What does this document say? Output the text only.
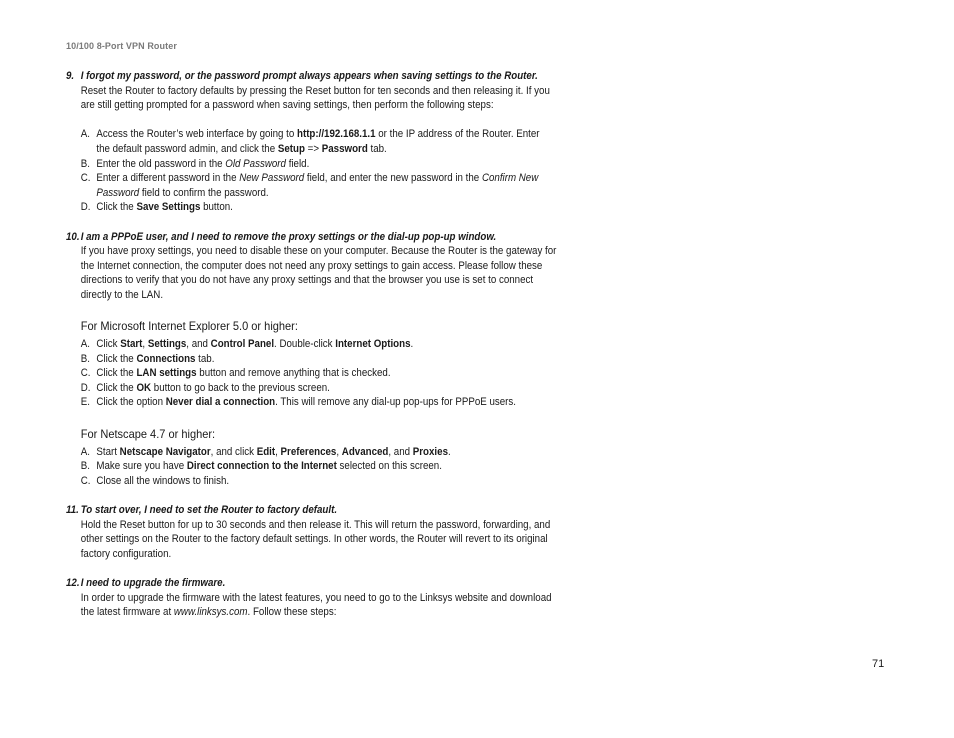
10/100 8-Port VPN Router
9. I forgot my password, or the password prompt always appears when saving settings to the Router.
Reset the Router to factory defaults by pressing the Reset button for ten seconds and then releasing it. If you
are still getting prompted for a password when saving settings, then perform the following steps:
A. Access the Router’s web interface by going to http://192.168.1.1 or the IP address of the Router. Enter
the default password admin, and click the Setup => Password tab.
B. Enter the old password in the Old Password field.
C. Enter a different password in the New Password field, and enter the new password in the Confirm New
Password field to confirm the password.
D. Click the Save Settings button.
10.I am a PPPoE user, and I need to remove the proxy settings or the dial-up pop-up window.
If you have proxy settings, you need to disable these on your computer. Because the Router is the gateway for
the Internet connection, the computer does not need any proxy settings to gain access. Please follow these
directions to verify that you do not have any proxy settings and that the browser you use is set to connect
directly to the LAN.
For Microsoft Internet Explorer 5.0 or higher:
A. Click Start, Settings, and Control Panel. Double-click Internet Options.
B. Click the Connections tab.
C. Click the LAN settings button and remove anything that is checked.
D. Click the OK button to go back to the previous screen.
E. Click the option Never dial a connection. This will remove any dial-up pop-ups for PPPoE users.
For Netscape 4.7 or higher:
A. Start Netscape Navigator, and click Edit, Preferences, Advanced, and Proxies.
B. Make sure you have Direct connection to the Internet selected on this screen.
C. Close all the windows to finish.
11. To start over, I need to set the Router to factory default.
Hold the Reset button for up to 30 seconds and then release it. This will return the password, forwarding, and
other settings on the Router to the factory default settings. In other words, the Router will revert to its original
factory configuration.
12.I need to upgrade the firmware.
In order to upgrade the firmware with the latest features, you need to go to the Linksys website and download
the latest firmware at www.linksys.com. Follow these steps:
71
